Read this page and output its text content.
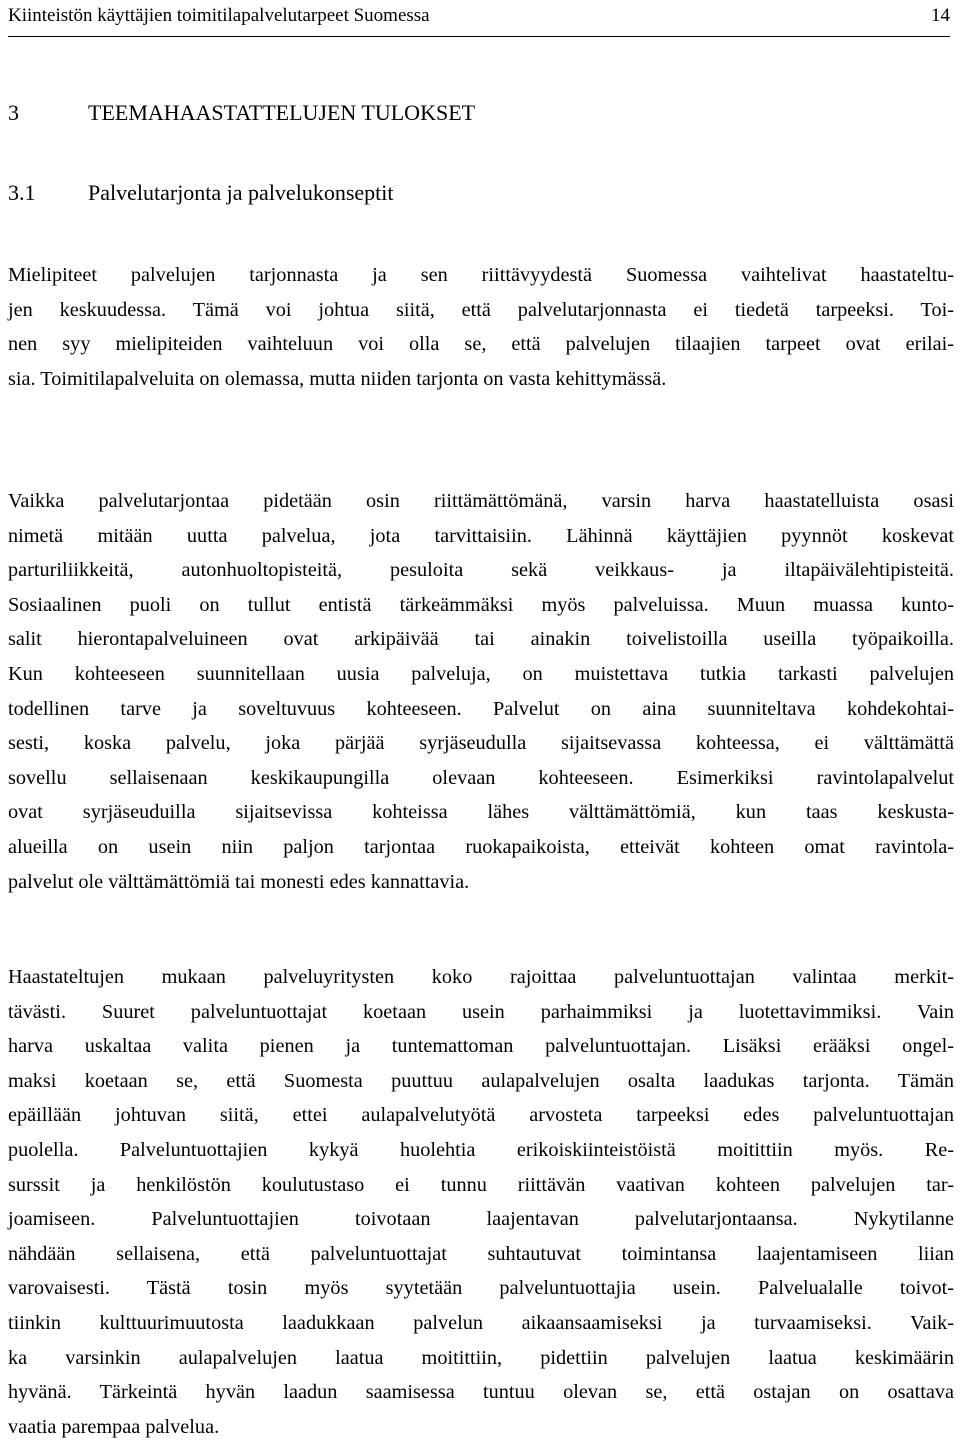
Kiinteistön käyttäjien toimitilapalvelutarpeet Suomessa	14
3	TEEMAHAASTATTELUJEN TULOKSET
3.1 Palvelutarjonta ja palvelukonseptit

Mielipiteet palvelujen tarjonnasta ja sen riittävyydestä Suomessa vaihtelivat haastateltu-
jen keskuudessa. Tämä voi johtua siitä, että palvelutarjonnasta ei tiedetä tarpeeksi. Toi-
nen syy mielipiteiden vaihteluun voi olla se, että palvelujen tilaajien tarpeet ovat erilai-
sia. Toimitilapalveluita on olemassa, mutta niiden tarjonta on vasta kehittymässä.

Vaikka palvelutarjontaa pidetään osin riittämättömänä, varsin harva haastatelluista osasi
nimetä mitään uutta palvelua, jota tarvittaisiin. Lähinnä käyttäjien pyynnöt koskevat
parturiliikkeitä, autonhuoltopisteitä, pesuloita sekä veikkaus- ja iltapäivälehtipisteitä.
Sosiaalinen puoli on tullut entistä tärkeämmäksi myös palveluissa. Muun muassa kunto-
salit hierontapalveluineen ovat arkipäivää tai ainakin toivelistoilla useilla työpaikoilla.
Kun kohteeseen suunnitellaan uusia palveluja, on muistettava tutkia tarkasti palvelujen
todellinen tarve ja soveltuvuus kohteeseen. Palvelut on aina suunniteltava kohdekohtai-
sesti, koska palvelu, joka pärjää syrjäseudulla sijaitsevassa kohteessa, ei välttämättä
sovellu sellaisenaan keskikaupungilla olevaan kohteeseen. Esimerkiksi ravintolapalvelut
ovat syrjäseuduilla sijaitsevissa kohteissa lähes välttämättömiä, kun taas keskusta-
alueilla on usein niin paljon tarjontaa ruokapaikoista, etteivät kohteen omat ravintola-
palvelut ole välttämättömiä tai monesti edes kannattavia.

Haastateltujen mukaan palveluyritysten koko rajoittaa palveluntuottajan valintaa merkit-
tävästi. Suuret palveluntuottajat koetaan usein parhaimmiksi ja luotettavimmiksi. Vain
harva uskaltaa valita pienen ja tuntemattoman palveluntuottajan. Lisäksi erääksi ongel-
maksi koetaan se, että Suomesta puuttuu aulapalvelujen osalta laadukas tarjonta. Tämän
epäillään johtuvan siitä, ettei aulapalvelutyötä arvosteta tarpeeksi edes palveluntuottajan
puolella. Palveluntuottajien kykyä huolehtia erikoiskiinteistöistä moitittiin myös. Re-
surssit ja henkilöstön koulutustaso ei tunnu riittävän vaativan kohteen palvelujen tar-
joamiseen. Palveluntuottajien toivotaan laajentavan palvelutarjontaansa. Nykytilanne
nähdään sellaisena, että palveluntuottajat suhtautuvat toimintansa laajentamiseen liian
varovaisesti. Tästä tosin myös syytetään palveluntuottajia usein. Palvelualalle toivot-
tiinkin kulttuurimuutosta laadukkaan palvelun aikaansaamiseksi ja turvaamiseksi. Vaik-
ka varsinkin aulapalvelujen laatua moitittiin, pidettiin palvelujen laatua keskimäärin
hyvänä. Tärkeintä hyvän laadun saamisessa tuntuu olevan se, että ostajan on osattava
vaatia parempaa palvelua.
